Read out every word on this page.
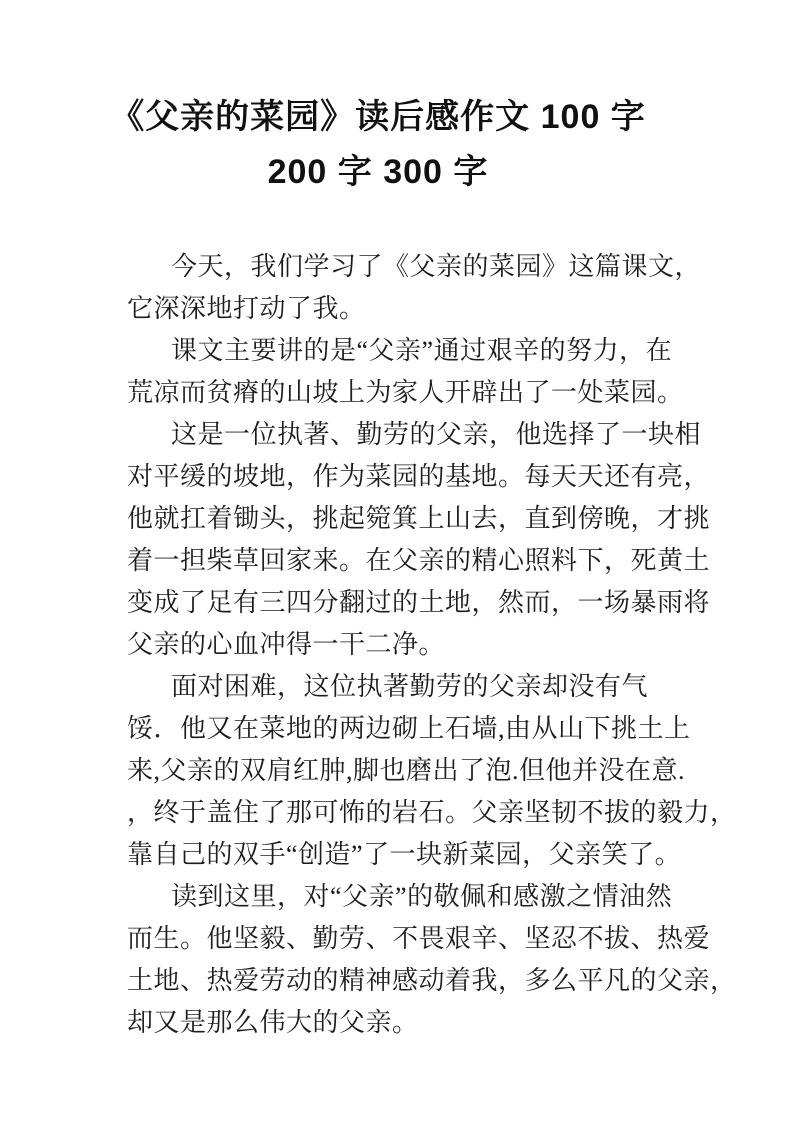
《父亲的菜园》读后感作文 100 字
200 字 300 字
今天，我们学习了《父亲的菜园》这篇课文，
它深深地打动了我。
课文主要讲的是“父亲”通过艰辛的努力，在
荒凉而贫瘠的山坡上为家人开辟出了一处菜园。
这是一位执著、勤劳的父亲，他选择了一块相
对平缓的坡地，作为菜园的基地。每天天还有亮，
他就扛着锄头，挑起箢箕上山去，直到傍晚，才挑
着一担柴草回家来。在父亲的精心照料下，死黄土
变成了足有三四分翻过的土地，然而，一场暴雨将
父亲的心血冲得一干二净。
面对困难，这位执著勤劳的父亲却没有气
馁．他又在菜地的两边砌上石墙,由从山下挑土上
来,父亲的双肩红肿,脚也磨出了泡.但他并没在意.
，终于盖住了那可怖的岩石。父亲坚韧不拔的毅力，
靠自己的双手“创造”了一块新菜园，父亲笑了。
读到这里，对“父亲”的敬佩和感激之情油然
而生。他坚毅、勤劳、不畏艰辛、坚忍不拔、热爱
土地、热爱劳动的精神感动着我，多么平凡的父亲，
却又是那么伟大的父亲。
